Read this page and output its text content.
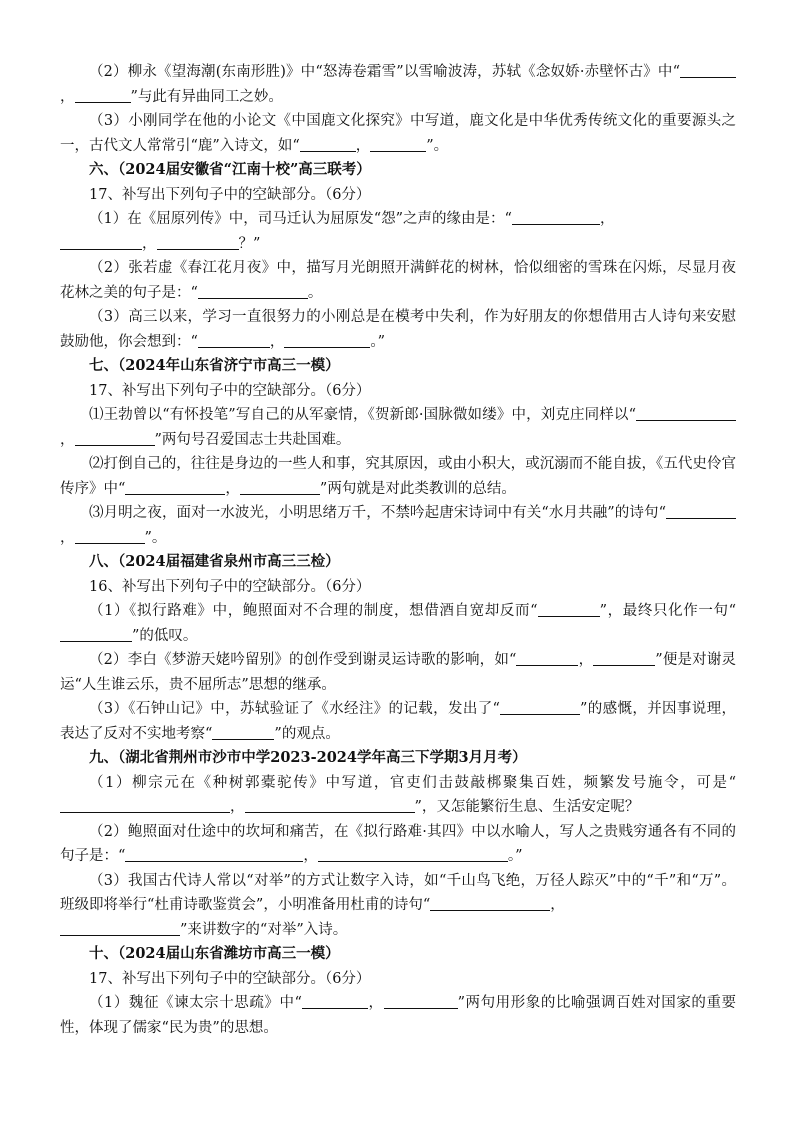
（2）柳永《望海潮(东南形胜)》中“怒涛卷霜雪”以雪喻波涛，苏轼《念奴娇·赤壁怀古》中“，	”与此有异曲同工之妙。

（3）小刚同学在他的小论文《中国鹿文化探究》中写道，鹿文化是中华优秀传统文化的重要源头之一，古代文人常常引“鹿”入诗文，如“	，	”。

六、（2024届安徽省“江南十校”高三联考）

17、补写出下列句子中的空缺部分。（6分）

（1）在《屈原列传》中，司马迁认为屈原发“怨”之声的缘由是：“	，
，	？”

（2）张若虚《春江花月夜》中，描写月光朗照开满鲜花的树林，恰似细密的雪珠在闪烁，尽显月夜花林之美的句子是：“	。

（3）高三以来，学习一直很努力的小刚总是在模考中失利，作为好朋友的你想借用古人诗句来安慰鼓励他，你会想到：“	，	。”

七、（2024年山东省济宁市高三一模）

17、补写出下列句子中的空缺部分。（6分）

⑴王勃曾以“有怀投笔”写自己的从军豪情，《贺新郎·国脉微如缕》中，刘克庄同样以“，	”两句号召爱国志士共赴国难。

⑵打倒自己的，往往是身边的一些人和事，究其原因，或由小积大，或沉溺而不能自拔，《五代史伶官传序》中“	，	”两句就是对此类教训的总结。

⑶月明之夜，面对一水波光，小明思绪万千，不禁吟起唐宋诗词中有关“水月共融”的诗句“，	”。

八、（2024届福建省泉州市高三三检）

16、补写出下列句子中的空缺部分。（6分）

（1）《拟行路难》中，鲍照面对不合理的制度，想借酒自宽却反而“	”，最终只化作一句“”的低叹。

（2）李白《梦游天姥吟留别》的创作受到谢灵运诗歌的影响，如“	，	”便是对谢灵运“人生谁云乐，贵不屈所志”思想的继承。

（3）《石钟山记》中，苏轼验证了《水经注》的记载，发出了“	”的感慨，并因事说理，表达了反对不实地考察“	”的观点。

九、（湖北省荆州市沙市中学2023-2024学年高三下学期3月月考）

（1）柳宗元在《种树郭橐驼传》中写道，官吏们击鼓敲梆聚集百姓，频繁发号施令，可是“，	”，又怎能繁衍生息、生活安定呢？

（2）鲍照面对仕途中的坎坷和痛苦，在《拟行路难·其四》中以水喻人，写人之贵贱穷通各有不同的句子是：“	，	。”

（3）我国古代诗人常以“对举”的方式让数字入诗，如“千山鸟飞绝，万径人踪灭”中的“千”和“万”。班级即将举行“杜甫诗歌鉴赏会”，小明准备用杜甫的诗句“	，
”来讲数字的“对举”入诗。

十、（2024届山东省潍坊市高三一模）

17、补写出下列句子中的空缺部分。（6分）

（1）魏征《谏太宗十思疏》中“	，	”两句用形象的比喻强调百姓对国家的重要性，体现了儒家“民为贵”的思想。
